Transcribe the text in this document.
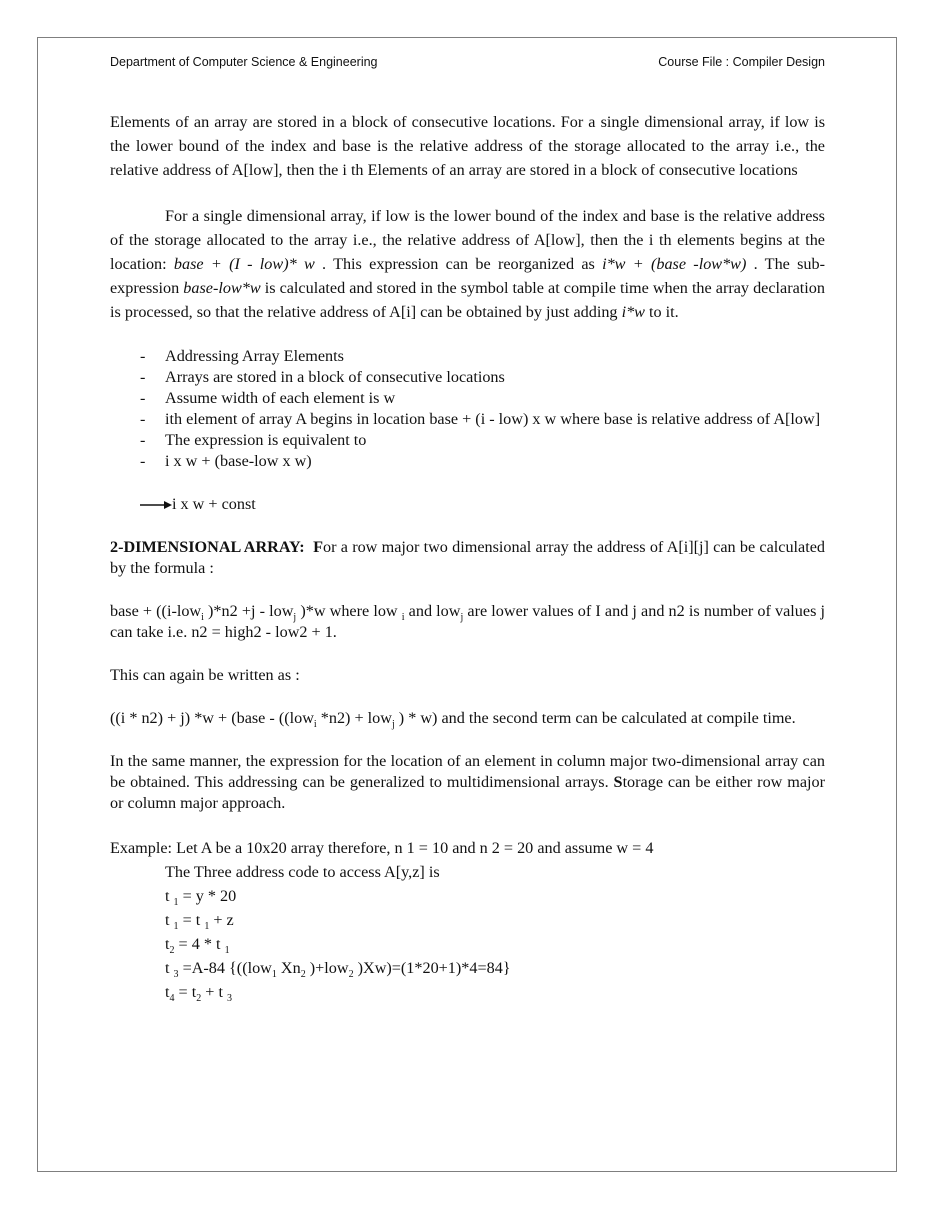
Department of Computer Science & Engineering	Course File : Compiler Design

Elements of an array are stored in a block of consecutive locations. For a single dimensional array, if low is the lower bound of the index and base is the relative address of the storage allocated to the array i.e., the relative address of A[low], then the i th Elements of an array are stored in a block of consecutive locations

For a single dimensional array, if low is the lower bound of the index and base is the relative address of the storage allocated to the array i.e., the relative address of A[low], then the i th elements begins at the location: base + (I - low)* w . This expression can be reorganized as i*w + (base -low*w) . The sub-expression base-low*w is calculated and stored in the symbol table at compile time when the array declaration is processed, so that the relative address of A[i] can be obtained by just adding i*w to it.

- Addressing Array Elements
- Arrays are stored in a block of consecutive locations
- Assume width of each element is w
- ith element of array A begins in location base + (i - low) x w where base is relative address of A[low]
- The expression is equivalent to
- i x w + (base-low x w)
i x w + const

2-DIMENSIONAL ARRAY: For a row major two dimensional array the address of A[i][j] can be calculated by the formula :

base + ((i-low$_i$ )*n2 +j - low$_j$ )*w where low $_i$ and low$_j$ are lower values of I and j and n2 is number of values j can take i.e. n2 = high2 - low2 + 1.

This can again be written as :

((i * n2) + j) *w + (base - ((low$_i$ *n2) + low$_j$ ) * w) and the second term can be calculated at compile time.

In the same manner, the expression for the location of an element in column major two-dimensional array can be obtained. This addressing can be generalized to multidimensional arrays. Storage can be either row major or column major approach.

Example: Let A be a 10x20 array therefore, n 1 = 10 and n 2 = 20 and assume w = 4
The Three address code to access A[y,z] is
t $_1$ = y * 20
t $_1$ = t $_1$ + z
$t_2 = 4 * t$ $_1$
t $_3$ =A-84 {((low$_1$ $Xn_2$ )+low$_2$ )Xw)=(1*20+1)*4=84}
$t_4 = t_2 + t$ $_3$
